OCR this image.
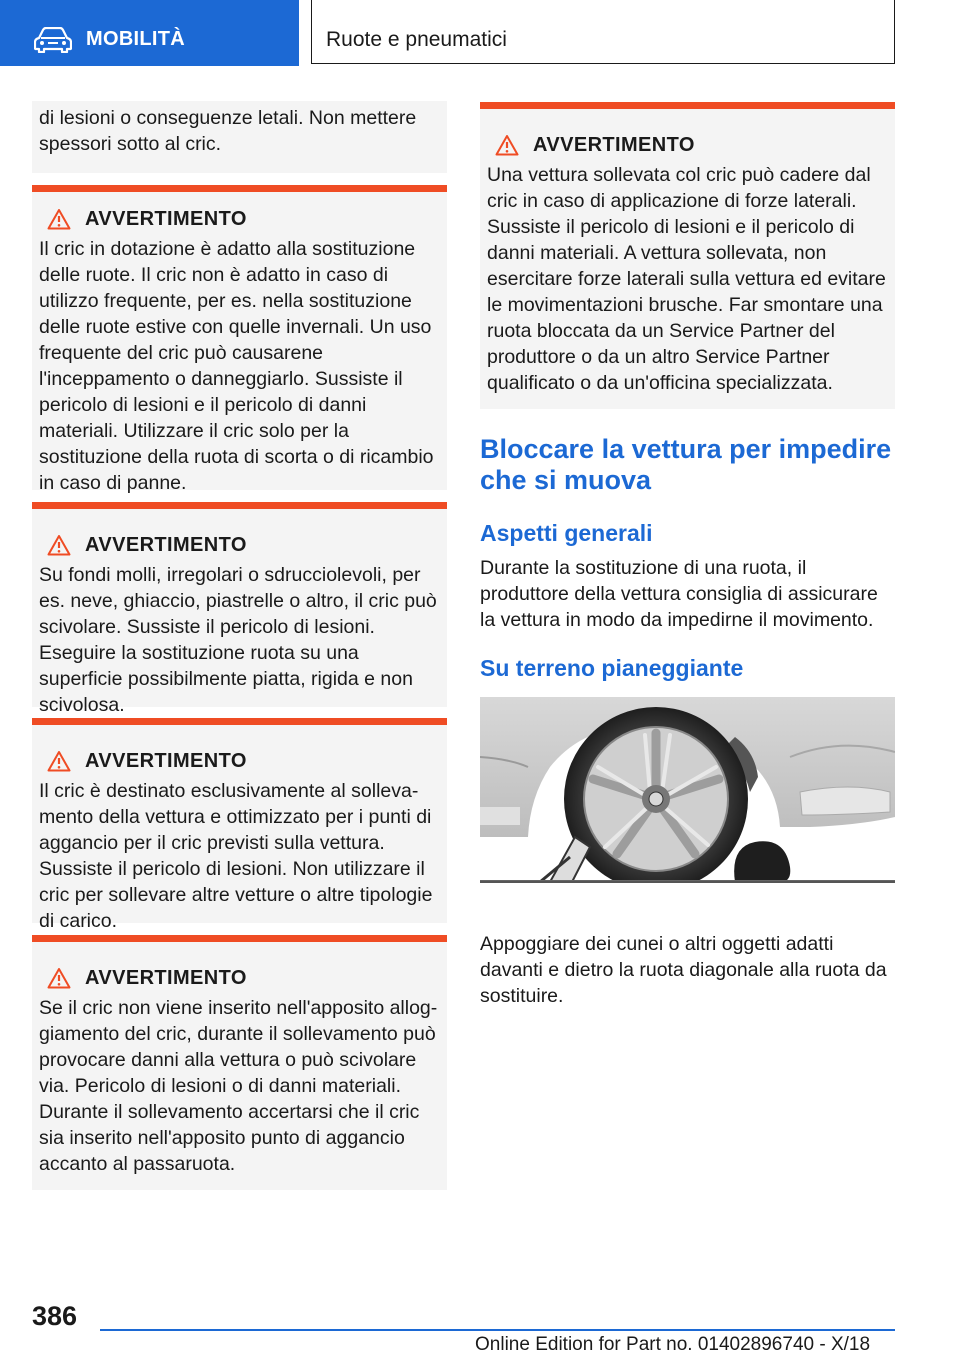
MOBILITÀ	Ruote e pneumatici

di lesioni o conseguenze letali. Non mettere spessori sotto al cric.

AVVERTIMENTO

Il cric in dotazione è adatto alla sostituzione delle ruote. Il cric non è adatto in caso di utilizzo frequente, per es. nella sostituzione delle ruote estive con quelle invernali. Un uso frequente del cric può causarene l'inceppamento o danneggiarlo. Sussiste il pericolo di lesioni e il pericolo di danni materiali. Utilizzare il cric solo per la sostituzione della ruota di scorta o di ricambio in caso di panne.

AVVERTIMENTO

Su fondi molli, irregolari o sdrucciolevoli, per es. neve, ghiaccio, piastrelle o altro, il cric può scivolare. Sussiste il pericolo di lesioni. Eseguire la sostituzione ruota su una superficie possibilmente piatta, rigida e non scivolosa.

AVVERTIMENTO

Il cric è destinato esclusivamente al sollevamento della vettura e ottimizzato per i punti di aggancio per il cric previsti sulla vettura. Sussiste il pericolo di lesioni. Non utilizzare il cric per sollevare altre vetture o altre tipologie di carico.

AVVERTIMENTO

Se il cric non viene inserito nell'apposito alloggiamento del cric, durante il sollevamento può provocare danni alla vettura o può scivolare via. Pericolo di lesioni o di danni materiali. Durante il sollevamento accertarsi che il cric sia inserito nell'apposito punto di aggancio accanto al passaruota.

AVVERTIMENTO

Una vettura sollevata col cric può cadere dal cric in caso di applicazione di forze laterali. Sussiste il pericolo di lesioni e il pericolo di danni materiali. A vettura sollevata, non esercitare forze laterali sulla vettura ed evitare le movimentazioni brusche. Far smontare una ruota bloccata da un Service Partner del produttore o da un altro Service Partner qualificato o da un'officina specializzata.

Bloccare la vettura per impedire che si muova
Aspetti generali

Durante la sostituzione di una ruota, il produttore della vettura consiglia di assicurare la vettura in modo da impedirne il movimento.

Su terreno pianeggiante

Appoggiare dei cunei o altri oggetti adatti davanti e dietro la ruota diagonale alla ruota da sostituire.

386
Online Edition for Part no. 01402896740 - X/18
